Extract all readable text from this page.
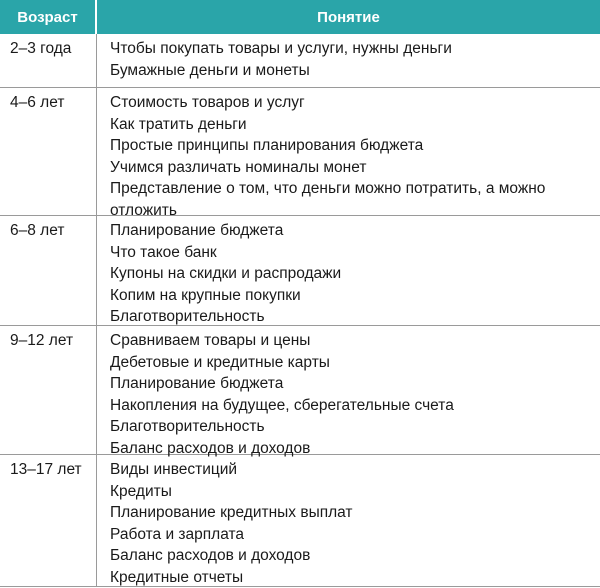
Возраст	Понятие
2–3 года	Чтобы покупать товары и услуги, нужны деньги
Бумажные деньги и монеты
4–6 лет	Стоимость товаров и услуг
Как тратить деньги
Простые принципы планирования бюджета
Учимся различать номиналы монет
Представление о том, что деньги можно потратить, а можно отложить
6–8 лет	Планирование бюджета
Что такое банк
Купоны на скидки и распродажи
Копим на крупные покупки
Благотворительность
9–12 лет	Сравниваем товары и цены
Дебетовые и кредитные карты
Планирование бюджета
Накопления на будущее, сберегательные счета
Благотворительность
Баланс расходов и доходов
13–17 лет	Виды инвестиций
Кредиты
Планирование кредитных выплат
Работа и зарплата
Баланс расходов и доходов
Кредитные отчеты
